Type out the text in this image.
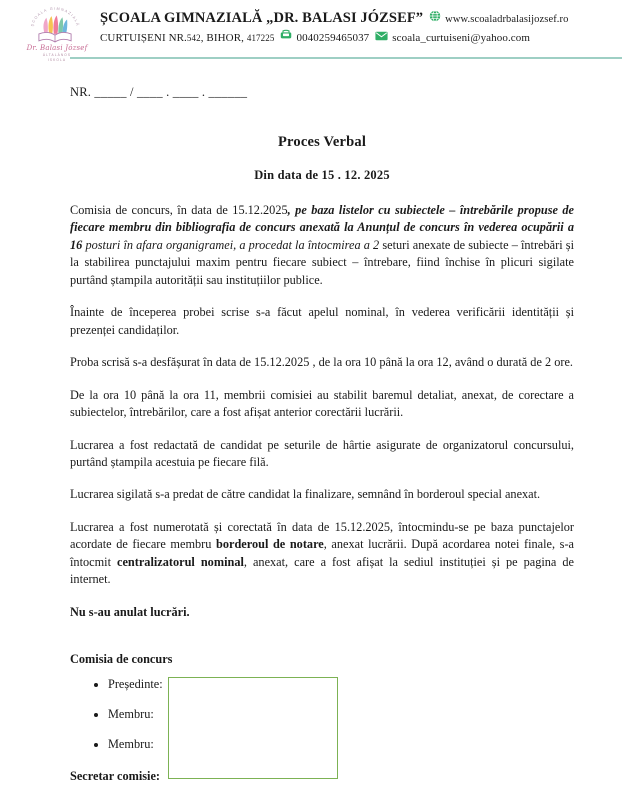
ȘCOALA GIMNAZIALĂ
Dr. Balasi József
ÁLTALÁNOS
ISKOLA
ȘCOALA GIMNAZIALĂ „DR. BALASI JÓZSEF” www.scoaladrbalasijozsef.ro
CURTUIȘENI NR.542, BIHOR, 417225 0040259465037 scoala_curtuiseni@yahoo.com
NR. _____ / ____ . ____ . ______
Proces Verbal
Din data de 15 . 12. 2025

Comisia de concurs, în data de 15.12.2025, pe baza listelor cu subiectele – întrebările propuse de fiecare membru din bibliografia de concurs anexată la Anunțul de concurs în vederea ocupării a 16 posturi în afara organigramei, a procedat la întocmirea a 2 seturi anexate de subiecte – întrebări și la stabilirea punctajului maxim pentru fiecare subiect – întrebare, fiind închise în plicuri sigilate purtând ștampila autorității sau instituțiilor publice.

Înainte de începerea probei scrise s-a făcut apelul nominal, în vederea verificării identității și prezenței candidaților.

Proba scrisă s-a desfășurat în data de 15.12.2025 , de la ora 10 până la ora 12, având o durată de 2 ore.

De la ora 10 până la ora 11, membrii comisiei au stabilit baremul detaliat, anexat, de corectare a subiectelor, întrebărilor, care a fost afișat anterior corectării lucrării.

Lucrarea a fost redactată de candidat pe seturile de hârtie asigurate de organizatorul concursului, purtând ștampila acestuia pe fiecare filă.

Lucrarea sigilată s-a predat de către candidat la finalizare, semnând în borderoul special anexat.

Lucrarea a fost numerotată și corectată în data de 15.12.2025, întocmindu-se pe baza punctajelor acordate de fiecare membru borderoul de notare, anexat lucrării. După acordarea notei finale, s-a întocmit centralizatorul nominal, anexat, care a fost afișat la sediul instituției și pe pagina de internet.

Nu s-au anulat lucrări.
Comisia de concurs
• Președinte:
• Membru:
• Membru:
Secretar comisie:
